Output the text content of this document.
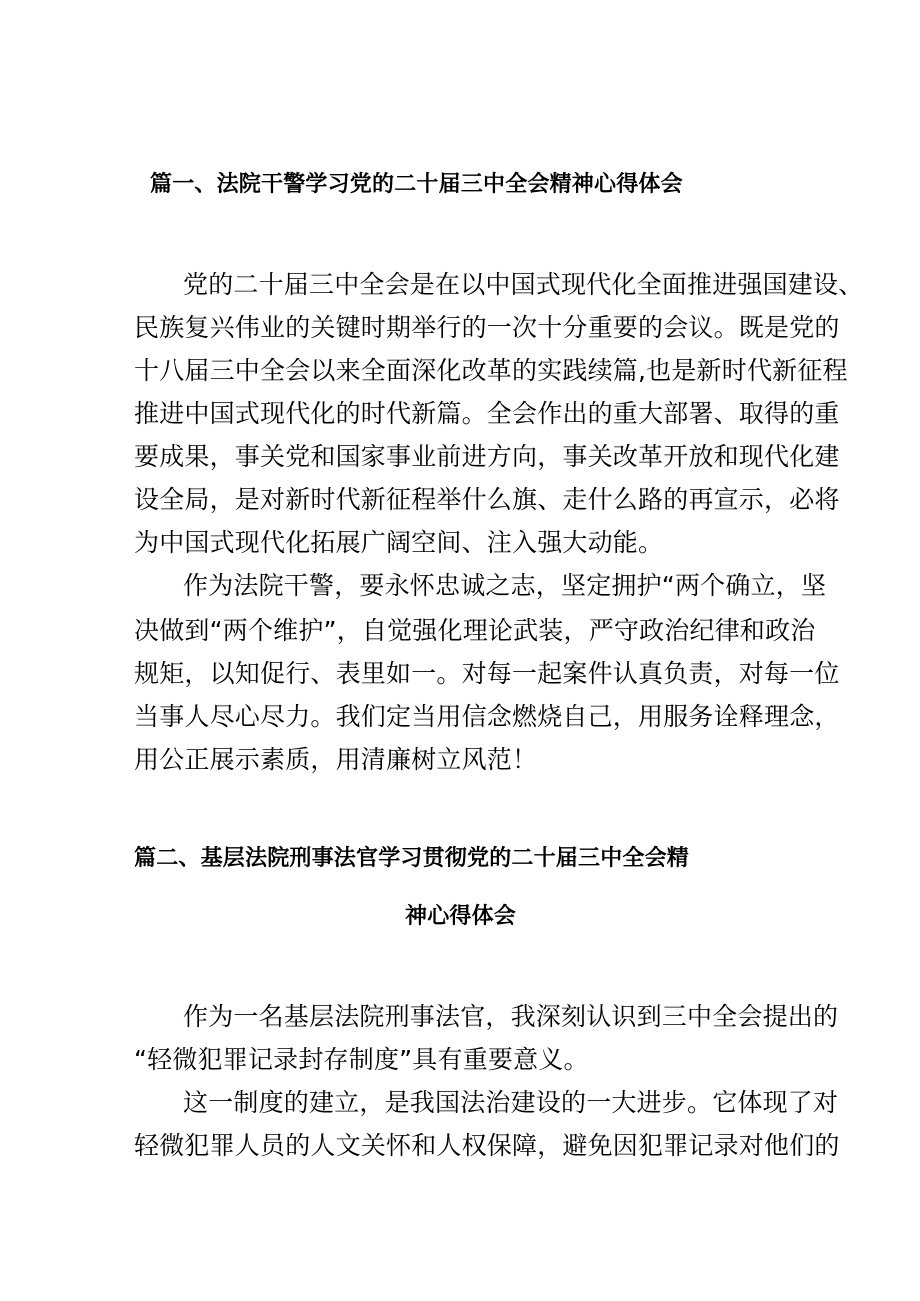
篇一、法院干警学习党的二十届三中全会精神心得体会
党的二十届三中全会是在以中国式现代化全面推进强国建设、
民族复兴伟业的关键时期举行的一次十分重要的会议。既是党的
十八届三中全会以来全面深化改革的实践续篇,也是新时代新征程
推进中国式现代化的时代新篇。全会作出的重大部署、取得的重
要成果，事关党和国家事业前进方向，事关改革开放和现代化建
设全局，是对新时代新征程举什么旗、走什么路的再宣示，必将
为中国式现代化拓展广阔空间、注入强大动能。
作为法院干警，要永怀忠诚之志，坚定拥护“两个确立，坚
决做到“两个维护”，自觉强化理论武装，严守政治纪律和政治
规矩，以知促行、表里如一。对每一起案件认真负责，对每一位
当事人尽心尽力。我们定当用信念燃烧自己，用服务诠释理念，
用公正展示素质，用清廉树立风范！
篇二、基层法院刑事法官学习贯彻党的二十届三中全会精
神心得体会
作为一名基层法院刑事法官，我深刻认识到三中全会提出的
“轻微犯罪记录封存制度”具有重要意义。
这一制度的建立，是我国法治建设的一大进步。它体现了对
轻微犯罪人员的人文关怀和人权保障，避免因犯罪记录对他们的
